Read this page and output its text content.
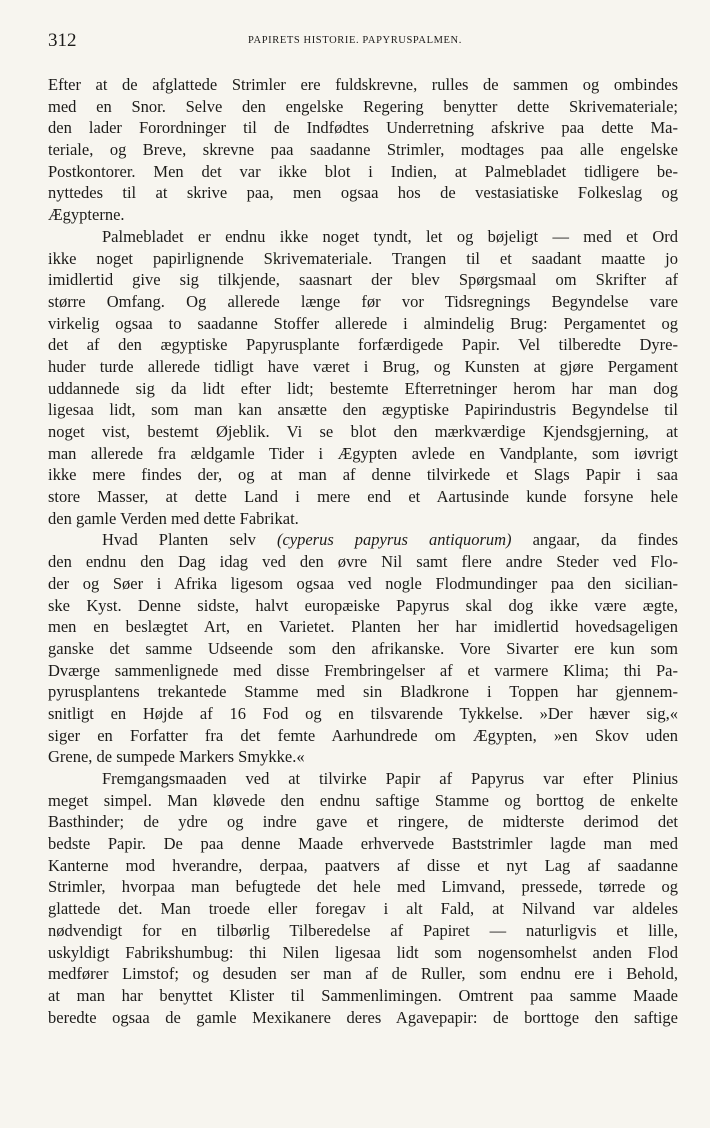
312	PAPIRETS HISTORIE. PAPYRUSPALMEN.
Efter at de afglattede Strimler ere fuldskrevne, rulles de sammen og ombindes
med en Snor. Selve den engelske Regering benytter dette Skrivemateriale;
den lader Forordninger til de Indfødtes Underretning afskrive paa dette Ma-
teriale, og Breve, skrevne paa saadanne Strimler, modtages paa alle engelske
Postkontorer. Men det var ikke blot i Indien, at Palmebladet tidligere be-
nyttedes til at skrive paa, men ogsaa hos de vestasiatiske Folkeslag og
Ægypterne.
Palmebladet er endnu ikke noget tyndt, let og bøjeligt — med et Ord
ikke noget papirlignende Skrivemateriale. Trangen til et saadant maatte jo
imidlertid give sig tilkjende, saasnart der blev Spørgsmaal om Skrifter af
større Omfang. Og allerede længe før vor Tidsregnings Begyndelse vare
virkelig ogsaa to saadanne Stoffer allerede i almindelig Brug: Pergamentet og
det af den ægyptiske Papyrusplante forfærdigede Papir. Vel tilberedte Dyre-
huder turde allerede tidligt have været i Brug, og Kunsten at gjøre Pergament
uddannede sig da lidt efter lidt; bestemte Efterretninger herom har man dog
ligesaa lidt, som man kan ansætte den ægyptiske Papirindustris Begyndelse til
noget vist, bestemt Øjeblik. Vi se blot den mærkværdige Kjendsgjerning, at
man allerede fra ældgamle Tider i Ægypten avlede en Vandplante, som iøvrigt
ikke mere findes der, og at man af denne tilvirkede et Slags Papir i saa
store Masser, at dette Land i mere end et Aartusinde kunde forsyne hele
den gamle Verden med dette Fabrikat.
Hvad Planten selv (cyperus papyrus antiquorum) angaar, da findes
den endnu den Dag idag ved den øvre Nil samt flere andre Steder ved Flo-
der og Søer i Afrika ligesom ogsaa ved nogle Flodmundinger paa den sicilian-
ske Kyst. Denne sidste, halvt europæiske Papyrus skal dog ikke være ægte,
men en beslægtet Art, en Varietet. Planten her har imidlertid hovedsageligen
ganske det samme Udseende som den afrikanske. Vore Sivarter ere kun som
Dværge sammenlignede med disse Frembringelser af et varmere Klima; thi Pa-
pyrusplantens trekantede Stamme med sin Bladkrone i Toppen har gjennem-
snitligt en Højde af 16 Fod og en tilsvarende Tykkelse. »Der hæver sig,«
siger en Forfatter fra det femte Aarhundrede om Ægypten, »en Skov uden
Grene, de sumpede Markers Smykke.«
Fremgangsmaaden ved at tilvirke Papir af Papyrus var efter Plinius
meget simpel. Man kløvede den endnu saftige Stamme og borttog de enkelte
Basthinder; de ydre og indre gave et ringere, de midterste derimod det
bedste Papir. De paa denne Maade erhvervede Baststrimler lagde man med
Kanterne mod hverandre, derpaa, paatvers af disse et nyt Lag af saadanne
Strimler, hvorpaa man befugtede det hele med Limvand, pressede, tørrede og
glattede det. Man troede eller foregav i alt Fald, at Nilvand var aldeles
nødvendigt for en tilbørlig Tilberedelse af Papiret — naturligvis et lille,
uskyldigt Fabrikshumbug: thi Nilen ligesaa lidt som nogensomhelst anden Flod
medfører Limstof; og desuden ser man af de Ruller, som endnu ere i Behold,
at man har benyttet Klister til Sammenlimingen. Omtrent paa samme Maade
beredte ogsaa de gamle Mexikanere deres Agavepapir: de borttoge den saftige
